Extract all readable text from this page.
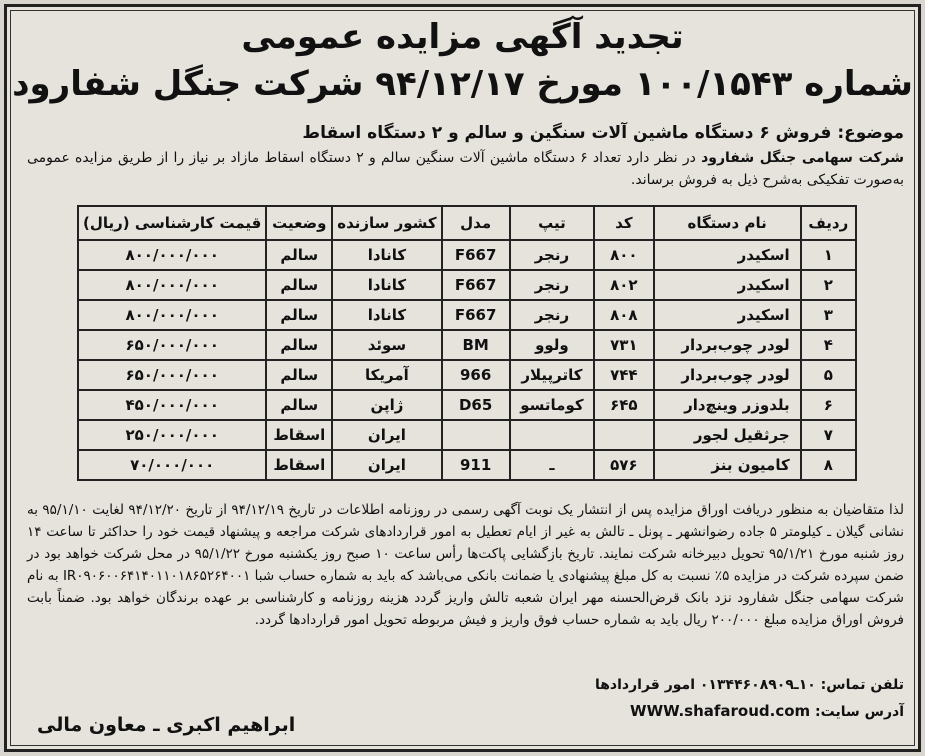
تجدید آگهی مزایده عمومی
شماره ۱۰۰/۱۵۴۳ مورخ ۹۴/۱۲/۱۷ شرکت جنگل شفارود
موضوع: فروش ۶ دستگاه ماشین آلات سنگین و سالم و ۲ دستگاه اسقاط
شرکت سهامی جنگل شفارود در نظر دارد تعداد ۶ دستگاه ماشین آلات سنگین سالم و ۲ دستگاه اسقاط مازاد بر نیاز را از طریق مزایده عمومی به‌صورت تفکیکی به‌شرح ذیل به فروش برساند.
ردیف	نام دستگاه	کد	تیپ	مدل	کشور سازنده	وضعیت	قیمت کارشناسی (ریال)
۱	اسکیدر	۸۰۰	رنجر	F667	کانادا	سالم	۸۰۰/۰۰۰/۰۰۰
۲	اسکیدر	۸۰۲	رنجر	F667	کانادا	سالم	۸۰۰/۰۰۰/۰۰۰
۳	اسکیدر	۸۰۸	رنجر	F667	کانادا	سالم	۸۰۰/۰۰۰/۰۰۰
۴	لودر چوب‌بردار	۷۳۱	ولوو	BM	سوئد	سالم	۶۵۰/۰۰۰/۰۰۰
۵	لودر چوب‌بردار	۷۴۴	کاترپیلار	966	آمریکا	سالم	۶۵۰/۰۰۰/۰۰۰
۶	بلدوزر وینچ‌دار	۶۴۵	کوماتسو	D65	ژاپن	سالم	۴۵۰/۰۰۰/۰۰۰
۷	جرثقیل لجور				ایران	اسقاط	۲۵۰/۰۰۰/۰۰۰
۸	کامیون بنز	۵۷۶	ـ	911	ایران	اسقاط	۷۰/۰۰۰/۰۰۰
لذا متقاضیان به منظور دریافت اوراق مزایده پس از انتشار یک نوبت آگهی رسمی در روزنامه اطلاعات در تاریخ ۹۴/۱۲/۱۹ از تاریخ ۹۴/۱۲/۲۰ لغایت ۹۵/۱/۱۰ به نشانی گیلان ـ کیلومتر ۵ جاده رضوانشهر ـ پونل ـ تالش به غیر از ایام تعطیل به امور قراردادهای شرکت مراجعه و پیشنهاد قیمت خود را حداکثر تا ساعت ۱۴ روز شنبه مورخ ۹۵/۱/۲۱ تحویل دبیرخانه شرکت نمایند. تاریخ بازگشایی پاکت‌ها رأس ساعت ۱۰ صبح روز یکشنبه مورخ ۹۵/۱/۲۲ در محل شرکت خواهد بود در ضمن سپرده شرکت در مزایده ۵٪ نسبت به کل مبلغ پیشنهادی یا ضمانت بانکی می‌باشد که باید به شماره حساب شبا IR۰۹۰۶۰۰۶۴۱۴۰۱۱۰۱۸۶۵۲۶۴۰۰۱ به نام شرکت سهامی جنگل شفارود نزد بانک قرض‌الحسنه مهر ایران شعبه تالش واریز گردد هزینه روزنامه و کارشناسی بر عهده برندگان خواهد بود. ضمناً بابت فروش اوراق مزایده مبلغ ۲۰۰/۰۰۰ ریال باید به شماره حساب فوق واریز و فیش مربوطه تحویل امور قراردادها گردد.
تلفن تماس: ۱۰ـ۰۱۳۴۴۶۰۸۹۰۹ امور قراردادها
آدرس سایت: WWW.shafaroud.com
ابراهیم اکبری ـ معاون مالی
